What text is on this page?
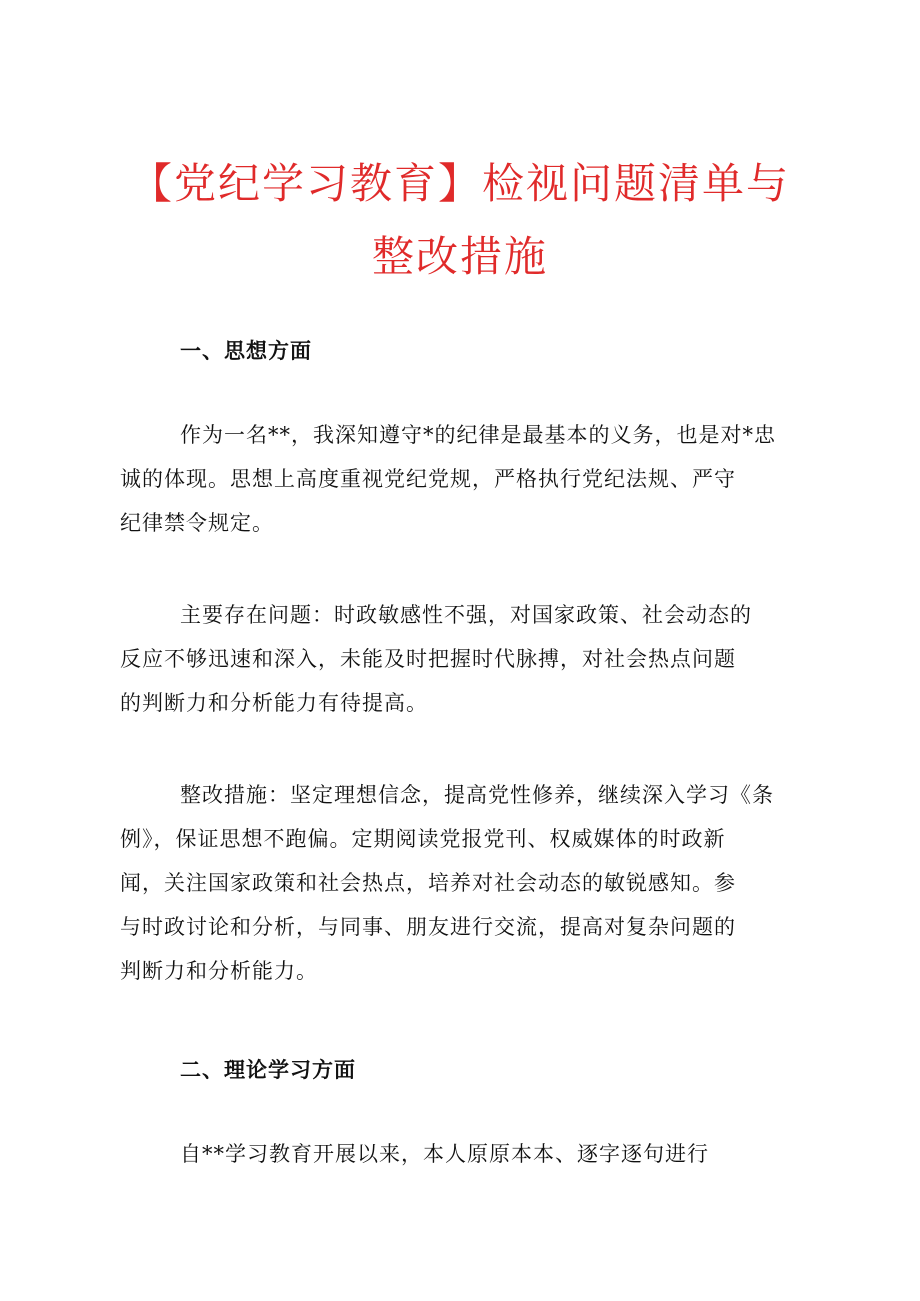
【党纪学习教育】检视问题清单与
整改措施
一、思想方面

作为一名**，我深知遵守*的纪律是最基本的义务，也是对*忠
诚的体现。思想上高度重视党纪党规，严格执行党纪法规、严守
纪律禁令规定。

主要存在问题：时政敏感性不强，对国家政策、社会动态的
反应不够迅速和深入，未能及时把握时代脉搏，对社会热点问题
的判断力和分析能力有待提高。

整改措施：坚定理想信念，提高党性修养，继续深入学习《条
例》，保证思想不跑偏。定期阅读党报党刊、权威媒体的时政新
闻，关注国家政策和社会热点，培养对社会动态的敏锐感知。参
与时政讨论和分析，与同事、朋友进行交流，提高对复杂问题的
判断力和分析能力。

二、理论学习方面

自**学习教育开展以来，本人原原本本、逐字逐句进行
